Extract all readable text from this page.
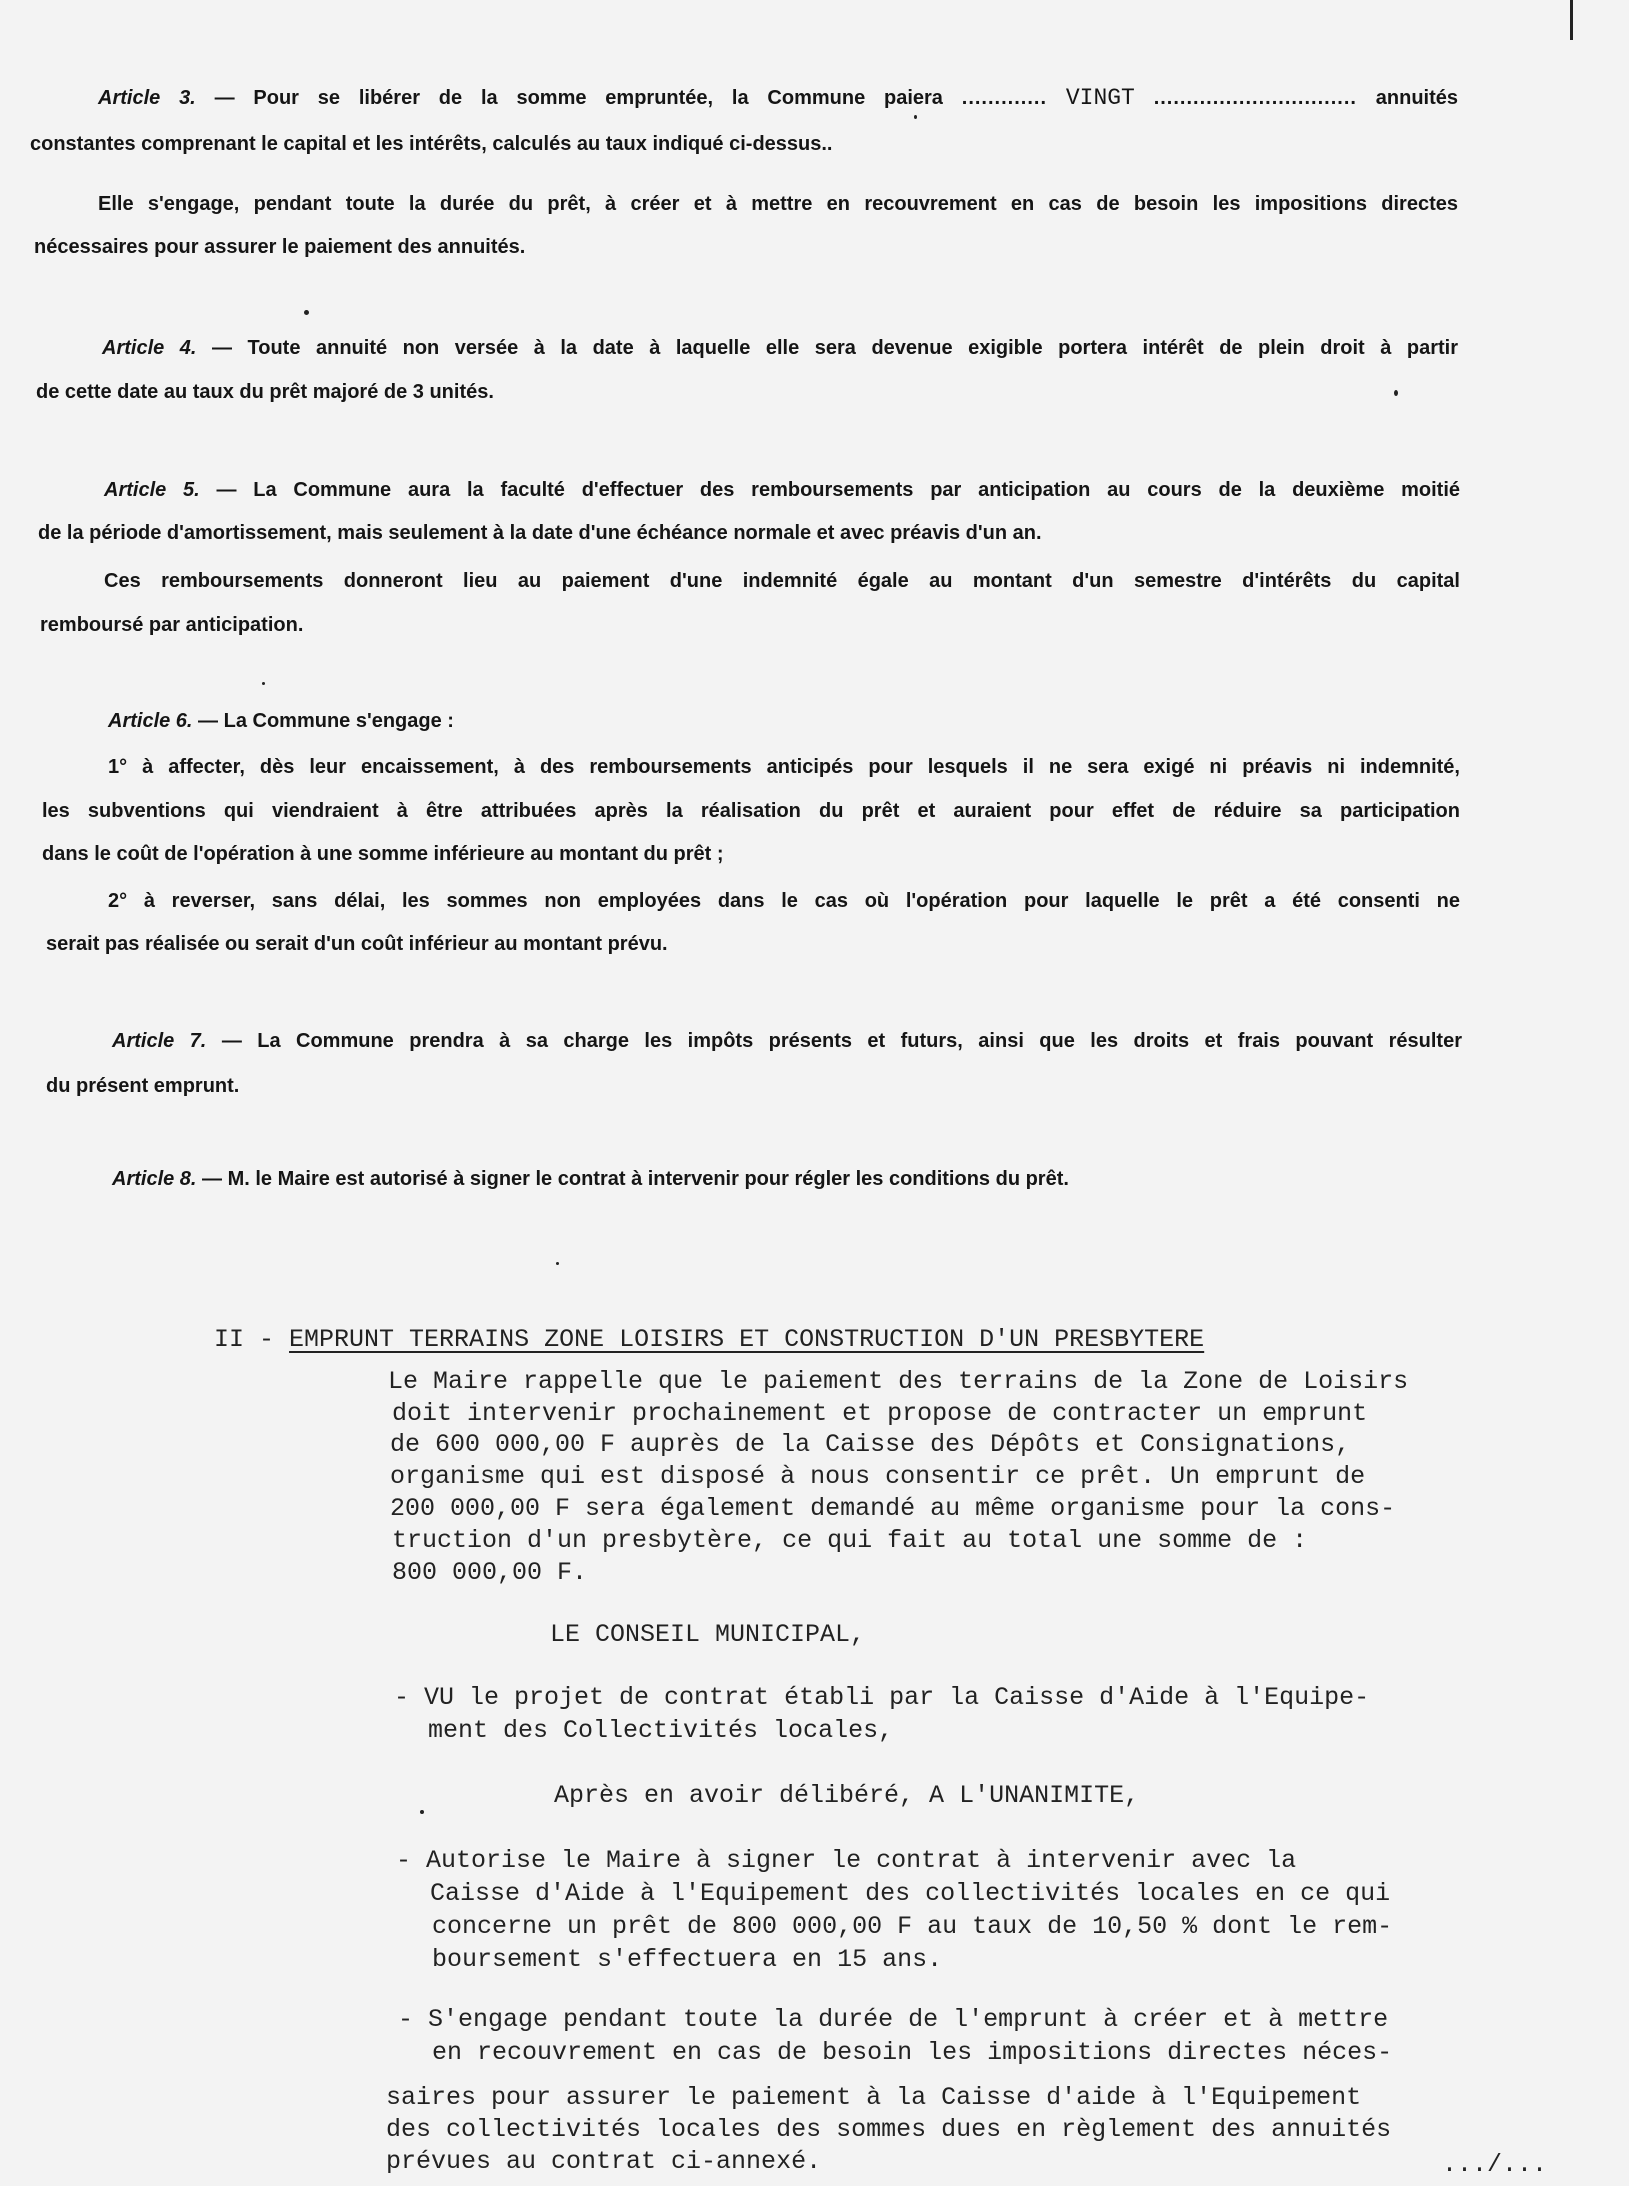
Article 3. — Pour se libérer de la somme empruntée, la Commune paiera ............. VINGT ............................... annuités
constantes comprenant le capital et les intérêts, calculés au taux indiqué ci-dessus..
Elle s'engage, pendant toute la durée du prêt, à créer et à mettre en recouvrement en cas de besoin les impositions directes
nécessaires pour assurer le paiement des annuités.
Article 4. — Toute annuité non versée à la date à laquelle elle sera devenue exigible portera intérêt de plein droit à partir
de cette date au taux du prêt majoré de 3 unités.
Article 5. — La Commune aura la faculté d'effectuer des remboursements par anticipation au cours de la deuxième moitié
de la période d'amortissement, mais seulement à la date d'une échéance normale et avec préavis d'un an.
Ces remboursements donneront lieu au paiement d'une indemnité égale au montant d'un semestre d'intérêts du capital
remboursé par anticipation.
Article 6. — La Commune s'engage :
1° à affecter, dès leur encaissement, à des remboursements anticipés pour lesquels il ne sera exigé ni préavis ni indemnité,
les subventions qui viendraient à être attribuées après la réalisation du prêt et auraient pour effet de réduire sa participation
dans le coût de l'opération à une somme inférieure au montant du prêt ;
2° à reverser, sans délai, les sommes non employées dans le cas où l'opération pour laquelle le prêt a été consenti ne
serait pas réalisée ou serait d'un coût inférieur au montant prévu.
Article 7. — La Commune prendra à sa charge les impôts présents et futurs, ainsi que les droits et frais pouvant résulter
du présent emprunt.
Article 8. — M. le Maire est autorisé à signer le contrat à intervenir pour régler les conditions du prêt.
II - EMPRUNT TERRAINS ZONE LOISIRS ET CONSTRUCTION D'UN PRESBYTERE
Le Maire rappelle que le paiement des terrains de la Zone de Loisirs
doit intervenir prochainement et propose de contracter un emprunt
de 600 000,00 F auprès de la Caisse des Dépôts et Consignations,
organisme qui est disposé à nous consentir ce prêt. Un emprunt de
200 000,00 F sera également demandé au même organisme pour la cons-
truction d'un presbytère, ce qui fait au total une somme de :
800 000,00 F.
LE CONSEIL MUNICIPAL,
- VU le projet de contrat établi par la Caisse d'Aide à l'Equipe-
ment des Collectivités locales,
Après en avoir délibéré, A L'UNANIMITE,
- Autorise le Maire à signer le contrat à intervenir avec la
Caisse d'Aide à l'Equipement des collectivités locales en ce qui
concerne un prêt de 800 000,00 F au taux de 10,50 % dont le rem-
boursement s'effectuera en 15 ans.
- S'engage pendant toute la durée de l'emprunt à créer et à mettre
en recouvrement en cas de besoin les impositions directes néces-
saires pour assurer le paiement à la Caisse d'aide à l'Equipement
des collectivités locales des sommes dues en règlement des annuités
prévues au contrat ci-annexé.	.../...
